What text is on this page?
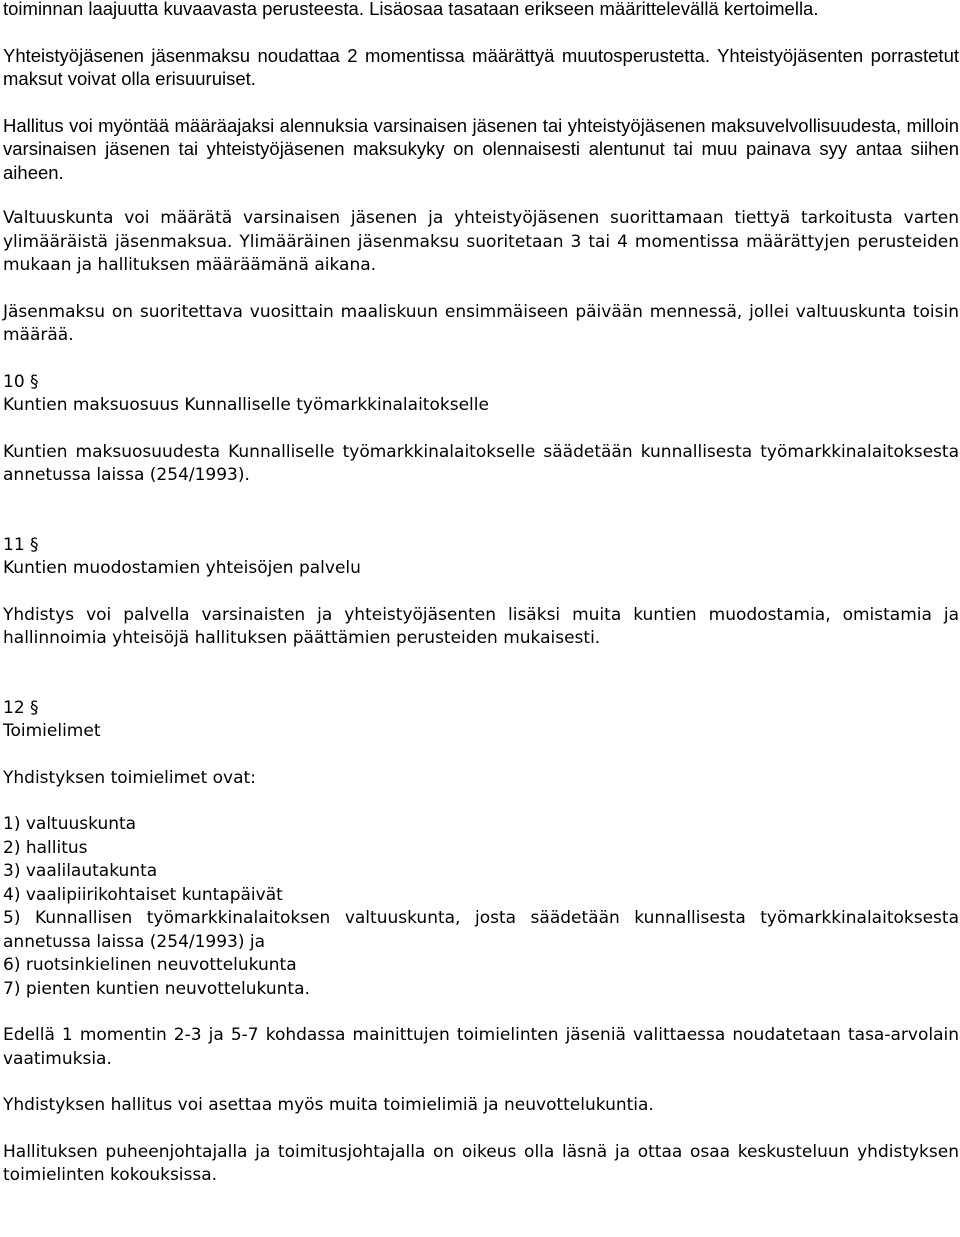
toiminnan laajuutta kuvaavasta perusteesta. Lisäosaa tasataan erikseen määrittelevällä kertoimella.

Yhteistyöjäsenen jäsenmaksu noudattaa 2 momentissa määrättyä muutosperustetta. Yhteistyöjäsenten porrastetut maksut voivat olla erisuuruiset.

Hallitus voi myöntää määräajaksi alennuksia varsinaisen jäsenen tai yhteistyöjäsenen maksuvelvollisuudesta, milloin varsinaisen jäsenen tai yhteistyöjäsenen maksukyky on olennaisesti alentunut tai muu painava syy antaa siihen aiheen.

Valtuuskunta voi määrätä varsinaisen jäsenen ja yhteistyöjäsenen suorittamaan tiettyä tarkoitusta varten ylimääräistä jäsenmaksua. Ylimääräinen jäsenmaksu suoritetaan 3 tai 4 momentissa määrättyjen perusteiden mukaan ja hallituksen määräämänä aikana.

Jäsenmaksu on suoritettava vuosittain maaliskuun ensimmäiseen päivään mennessä, jollei valtuuskunta toisin määrää.

10 §
Kuntien maksuosuus Kunnalliselle työmarkkinalaitokselle

Kuntien maksuosuudesta Kunnalliselle työmarkkinalaitokselle säädetään kunnallisesta työmarkkinalaitoksesta annetussa laissa (254/1993).

11 §
Kuntien muodostamien yhteisöjen palvelu

Yhdistys voi palvella varsinaisten ja yhteistyöjäsenten lisäksi muita kuntien muodostamia, omistamia ja hallinnoimia yhteisöjä hallituksen päättämien perusteiden mukaisesti.

12 §
Toimielimet

Yhdistyksen toimielimet ovat:

1) valtuuskunta
2) hallitus
3) vaalilautakunta
4) vaalipiirikohtaiset kuntapäivät

5) Kunnallisen työmarkkinalaitoksen valtuuskunta, josta säädetään kunnallisesta työmarkkinalaitoksesta annetussa laissa (254/1993) ja

6) ruotsinkielinen neuvottelukunta
7) pienten kuntien neuvottelukunta.

Edellä 1 momentin 2-3 ja 5-7 kohdassa mainittujen toimielinten jäseniä valittaessa noudatetaan tasa-arvolain vaatimuksia.

Yhdistyksen hallitus voi asettaa myös muita toimielimiä ja neuvottelukuntia.

Hallituksen puheenjohtajalla ja toimitusjohtajalla on oikeus olla läsnä ja ottaa osaa keskusteluun yhdistyksen toimielinten kokouksissa.
